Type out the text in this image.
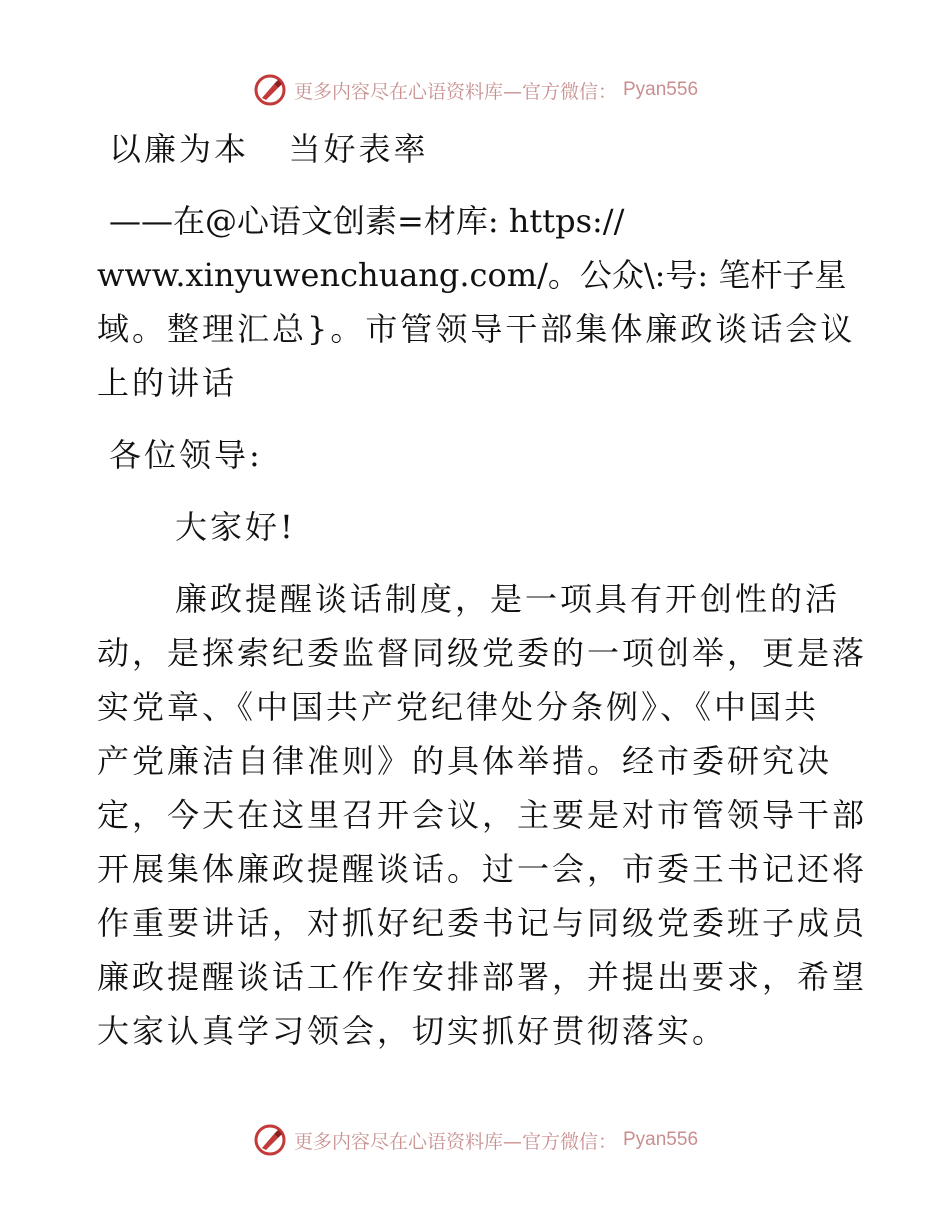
更多内容尽在心语资料库—官方微信： Pyan556
以廉为本   当好表率
——在@心语文创素=材库: https://
www.xinyuwenchuang.com/。公众\:号: 笔杆子星
域。整理汇总}。市管领导干部集体廉政谈话会议
上的讲话
各位领导:
大家好!
廉政提醒谈话制度，是一项具有开创性的活
动，是探索纪委监督同级党委的一项创举，更是落
实党章、《中国共产党纪律处分条例》、《中国共
产党廉洁自律准则》的具体举措。经市委研究决
定，今天在这里召开会议，主要是对市管领导干部
开展集体廉政提醒谈话。过一会，市委王书记还将
作重要讲话，对抓好纪委书记与同级党委班子成员
廉政提醒谈话工作作安排部署，并提出要求，希望
大家认真学习领会，切实抓好贯彻落实。
更多内容尽在心语资料库—官方微信： Pyan556
